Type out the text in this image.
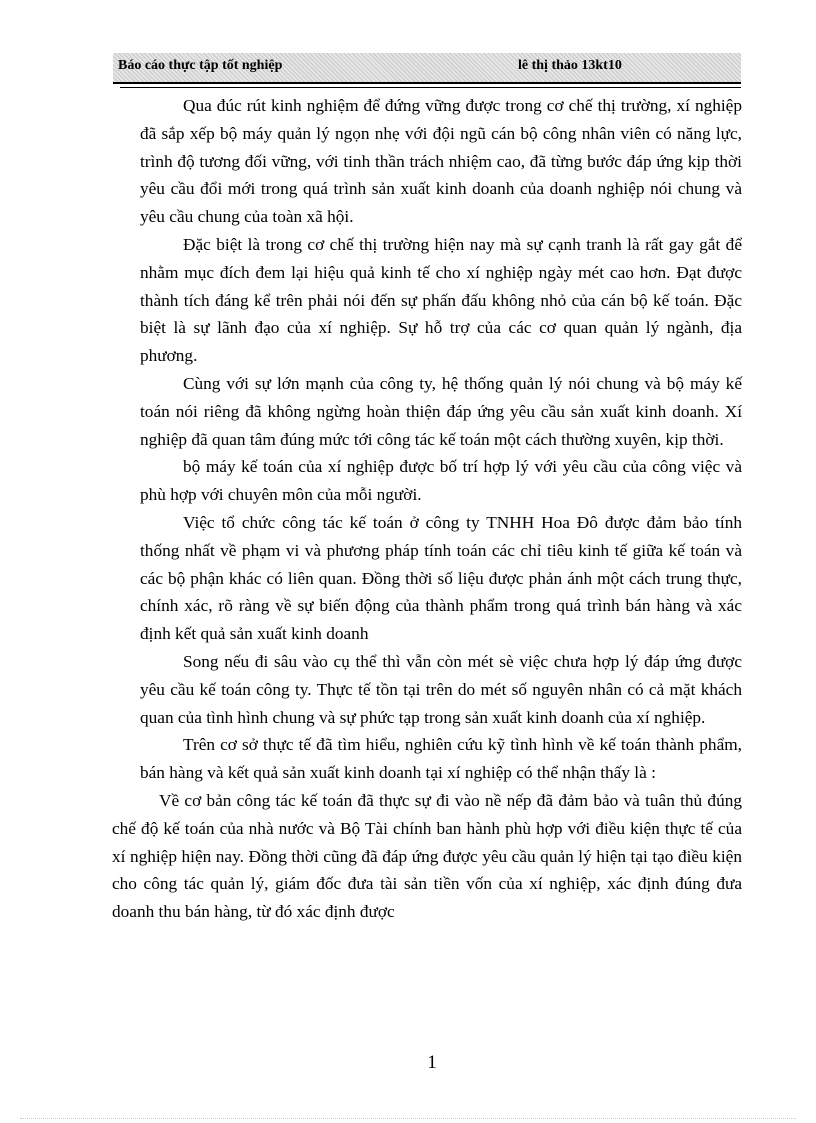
Báo cáo thực tập tốt nghiệp	lê thị thảo 13kt10

Qua đúc rút kinh nghiệm để đứng vững được trong cơ chế thị trường, xí nghiệp đã sắp xếp bộ máy quản lý ngọn nhẹ với đội ngũ cán bộ công nhân viên có năng lực, trình độ tương đối vững, với tinh thần trách nhiệm cao, đã từng bước đáp ứng kịp thời yêu cầu đổi mới trong quá trình sản xuất kinh doanh của doanh nghiệp nói chung và yêu cầu chung của toàn xã hội.

Đặc biệt là trong cơ chế thị trường hiện nay mà sự cạnh tranh là rất gay gắt để nhằm mục đích đem lại hiệu quả kinh tế cho xí nghiệp ngày mét cao hơn. Đạt được thành tích đáng kể trên phải nói đến sự phấn đấu không nhỏ của cán bộ kế toán. Đặc biệt là sự lãnh đạo của xí nghiệp. Sự hỗ trợ của các cơ quan quản lý ngành, địa phương.

Cùng với sự lớn mạnh của công ty, hệ thống quản lý nói chung và bộ máy kế toán nói riêng đã không ngừng hoàn thiện đáp ứng yêu cầu sản xuất kinh doanh. Xí nghiệp đã quan tâm đúng mức tới công tác kế toán một cách thường xuyên, kịp thời.

bộ máy kế toán của xí nghiệp được bố trí hợp lý với yêu cầu của công việc và phù hợp với chuyên môn của mỗi người.

Việc tổ chức công tác kế toán ở công ty TNHH Hoa Đô được đảm bảo tính thống nhất về phạm vi và phương pháp tính toán các chỉ tiêu kinh tế giữa kế toán và các bộ phận khác có liên quan. Đồng thời số liệu được phản ánh một cách trung thực, chính xác, rõ ràng về sự biến động của thành phẩm trong quá trình bán hàng và xác định kết quả sản xuất kinh doanh

Song nếu đi sâu vào cụ thể thì vẫn còn mét sè việc chưa hợp lý đáp ứng được yêu cầu kế toán công ty. Thực tế tồn tại trên do mét số nguyên nhân có cả mặt khách quan của tình hình chung và sự phức tạp trong sản xuất kinh doanh của xí nghiệp.

Trên cơ sở thực tế đã tìm hiểu, nghiên cứu kỹ tình hình về kế toán thành phẩm, bán hàng và kết quả sản xuất kinh doanh tại xí nghiệp có thể nhận thấy là :

Về cơ bản công tác kế toán đã thực sự đi vào nề nếp đã đảm bảo và tuân thủ đúng chế độ kế toán của nhà nước và Bộ Tài chính ban hành phù hợp với điều kiện thực tế của xí nghiệp hiện nay. Đồng thời cũng đã đáp ứng được yêu cầu quản lý hiện tại tạo điều kiện cho công tác quản lý, giám đốc đưa tài sản tiền vốn của xí nghiệp, xác định đúng đưa doanh thu bán hàng, từ đó xác định được

1
